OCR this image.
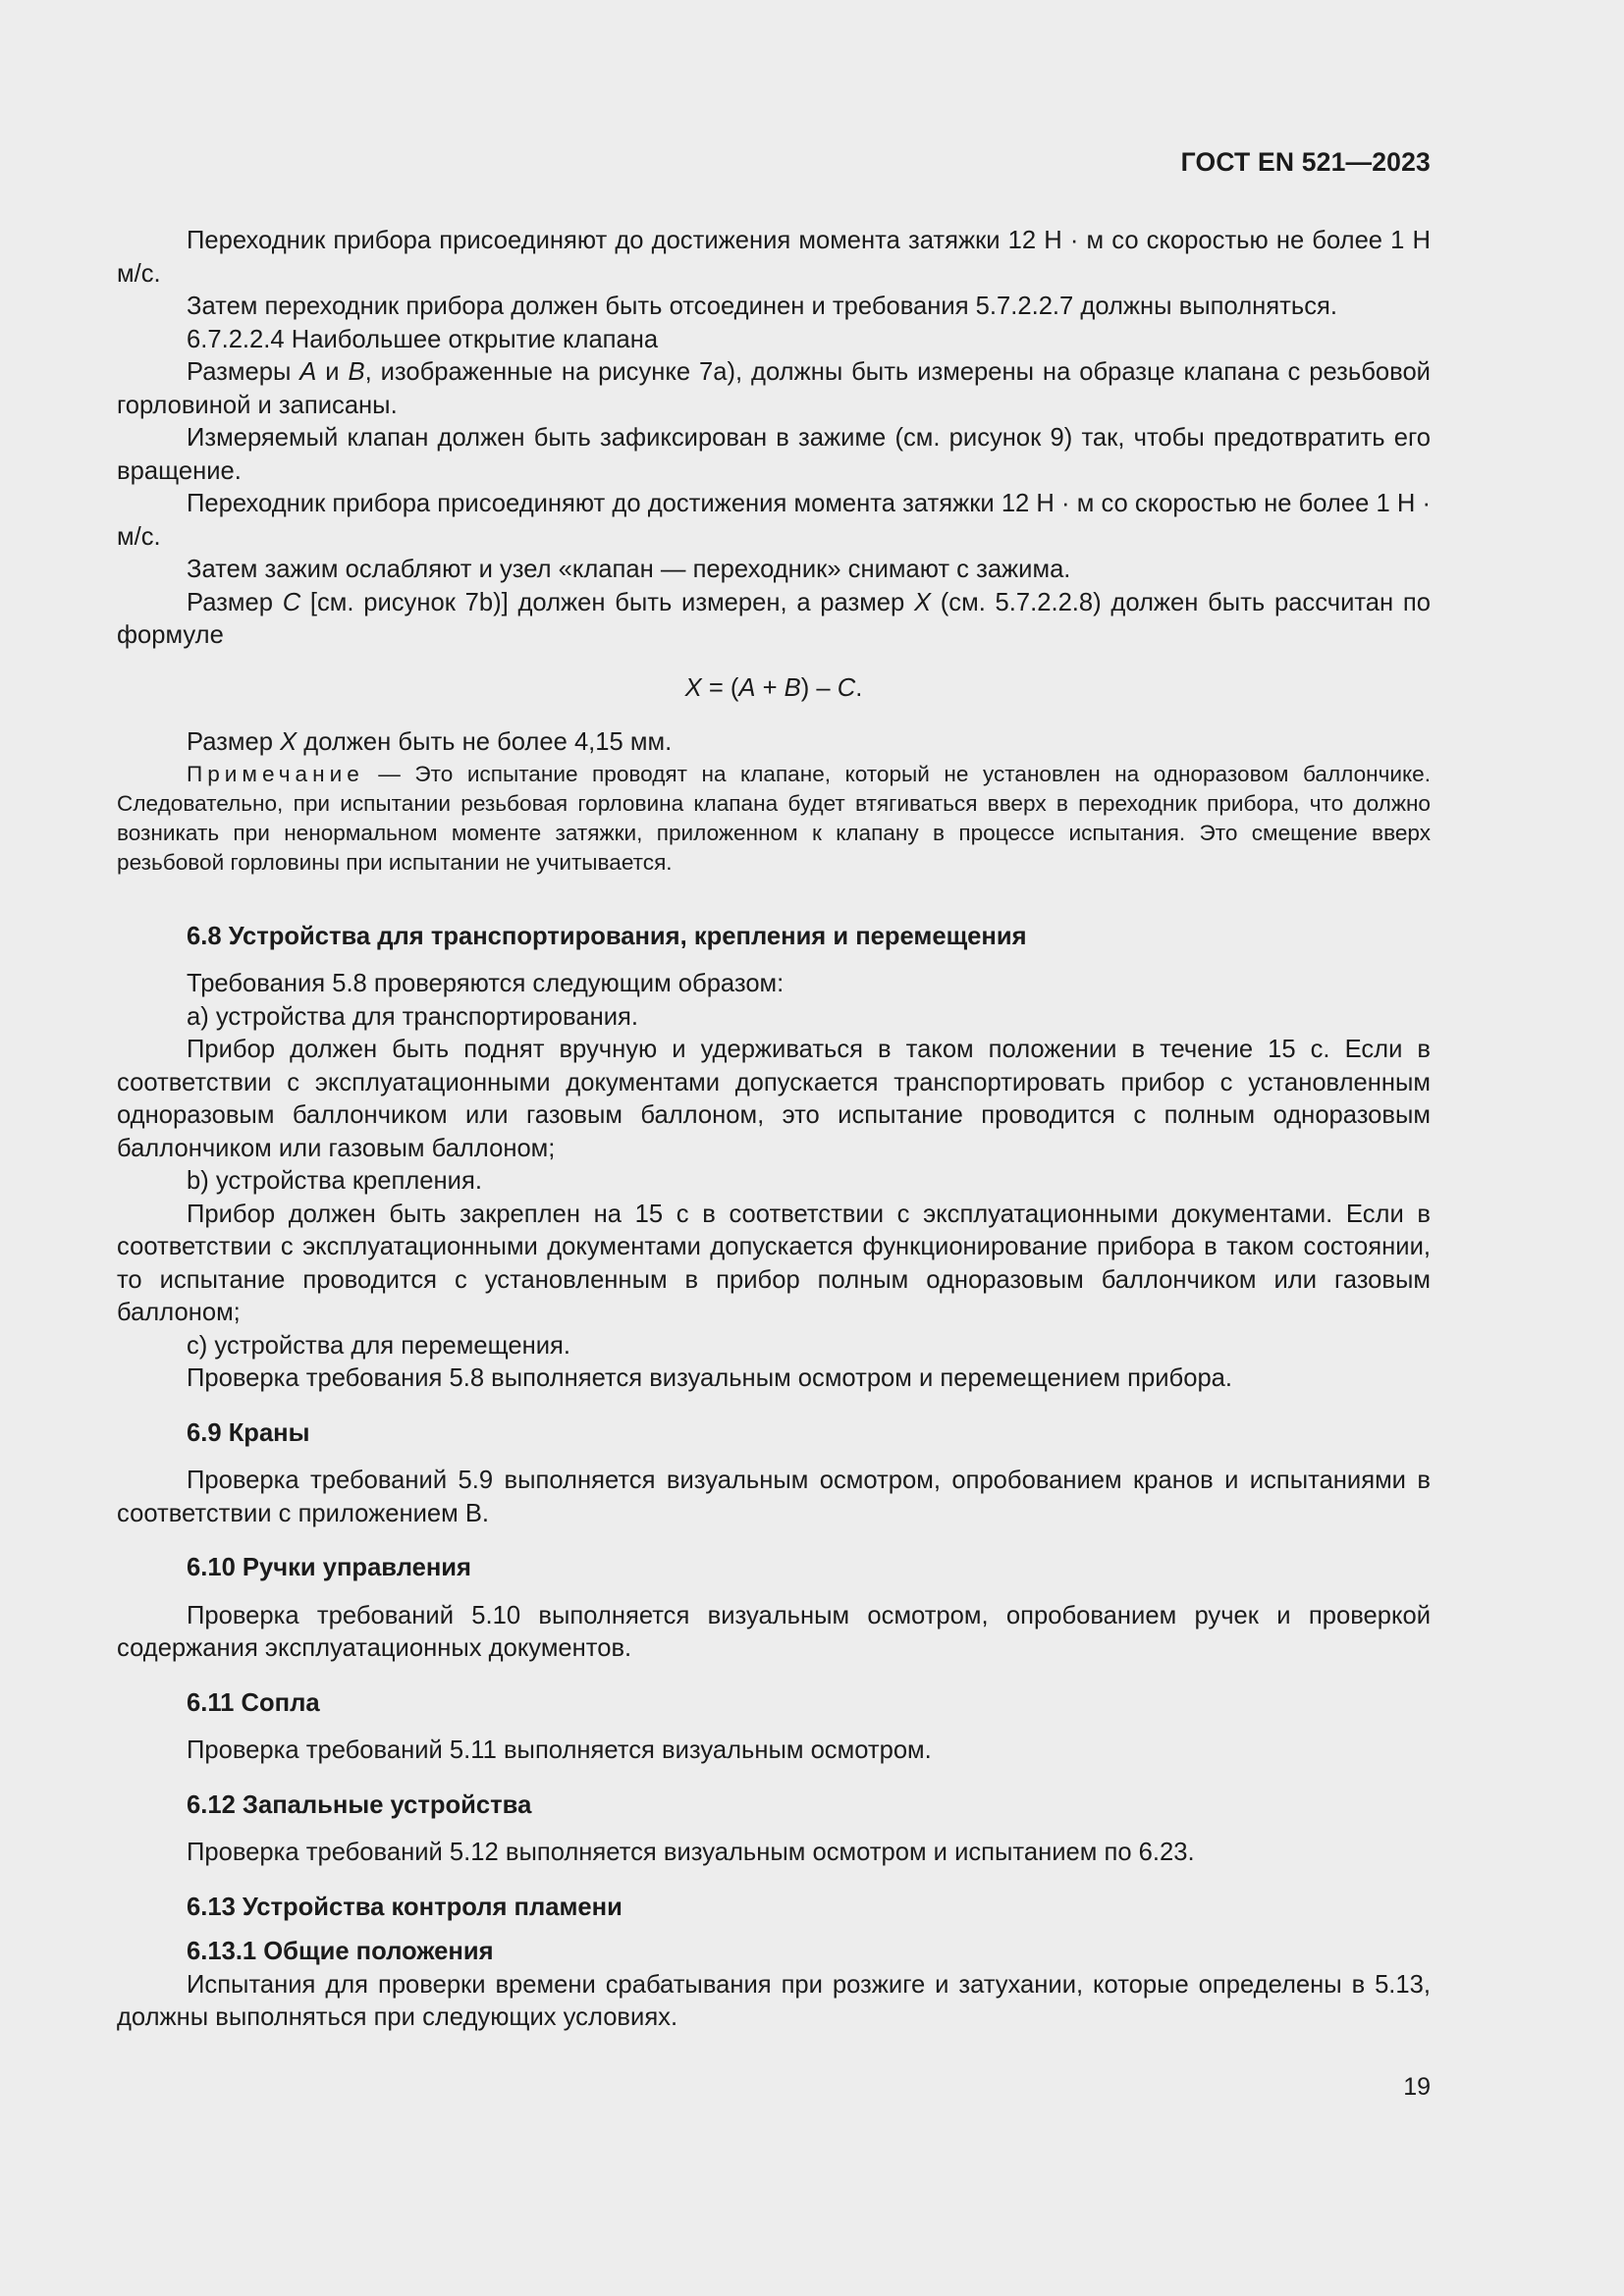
ГОСТ EN 521—2023

Переходник прибора присоединяют до достижения момента затяжки 12 Н · м со скоростью не более 1 Н м/с.

Затем переходник прибора должен быть отсоединен и требования 5.7.2.2.7 должны выполняться.

6.7.2.2.4 Наибольшее открытие клапана

Размеры A и B, изображенные на рисунке 7а), должны быть измерены на образце клапана с резьбовой горловиной и записаны.

Измеряемый клапан должен быть зафиксирован в зажиме (см. рисунок 9) так, чтобы предотвратить его вращение.

Переходник прибора присоединяют до достижения момента затяжки 12 Н · м со скоростью не более 1 Н · м/с.

Затем зажим ослабляют и узел «клапан — переходник» снимают с зажима.

Размер C [см. рисунок 7b)] должен быть измерен, а размер X (см. 5.7.2.2.8) должен быть рассчитан по формуле

X = (A + B) – C.

Размер X должен быть не более 4,15 мм.

Примечание — Это испытание проводят на клапане, который не установлен на одноразовом баллончике. Следовательно, при испытании резьбовая горловина клапана будет втягиваться вверх в переходник прибора, что должно возникать при ненормальном моменте затяжки, приложенном к клапану в процессе испытания. Это смещение вверх резьбовой горловины при испытании не учитывается.

6.8 Устройства для транспортирования, крепления и перемещения

Требования 5.8 проверяются следующим образом:

а) устройства для транспортирования.

Прибор должен быть поднят вручную и удерживаться в таком положении в течение 15 с. Если в соответствии с эксплуатационными документами допускается транспортировать прибор с установленным одноразовым баллончиком или газовым баллоном, это испытание проводится с полным одноразовым баллончиком или газовым баллоном;

b) устройства крепления.

Прибор должен быть закреплен на 15 с в соответствии с эксплуатационными документами. Если в соответствии с эксплуатационными документами допускается функционирование прибора в таком состоянии, то испытание проводится с установленным в прибор полным одноразовым баллончиком или газовым баллоном;

с) устройства для перемещения.

Проверка требования 5.8 выполняется визуальным осмотром и перемещением прибора.

6.9 Краны

Проверка требований 5.9 выполняется визуальным осмотром, опробованием кранов и испытаниями в соответствии с приложением В.

6.10 Ручки управления

Проверка требований 5.10 выполняется визуальным осмотром, опробованием ручек и проверкой содержания эксплуатационных документов.

6.11 Сопла

Проверка требований 5.11 выполняется визуальным осмотром.

6.12 Запальные устройства

Проверка требований 5.12 выполняется визуальным осмотром и испытанием по 6.23.

6.13 Устройства контроля пламени
6.13.1 Общие положения

Испытания для проверки времени срабатывания при розжиге и затухании, которые определены в 5.13, должны выполняться при следующих условиях.

19
